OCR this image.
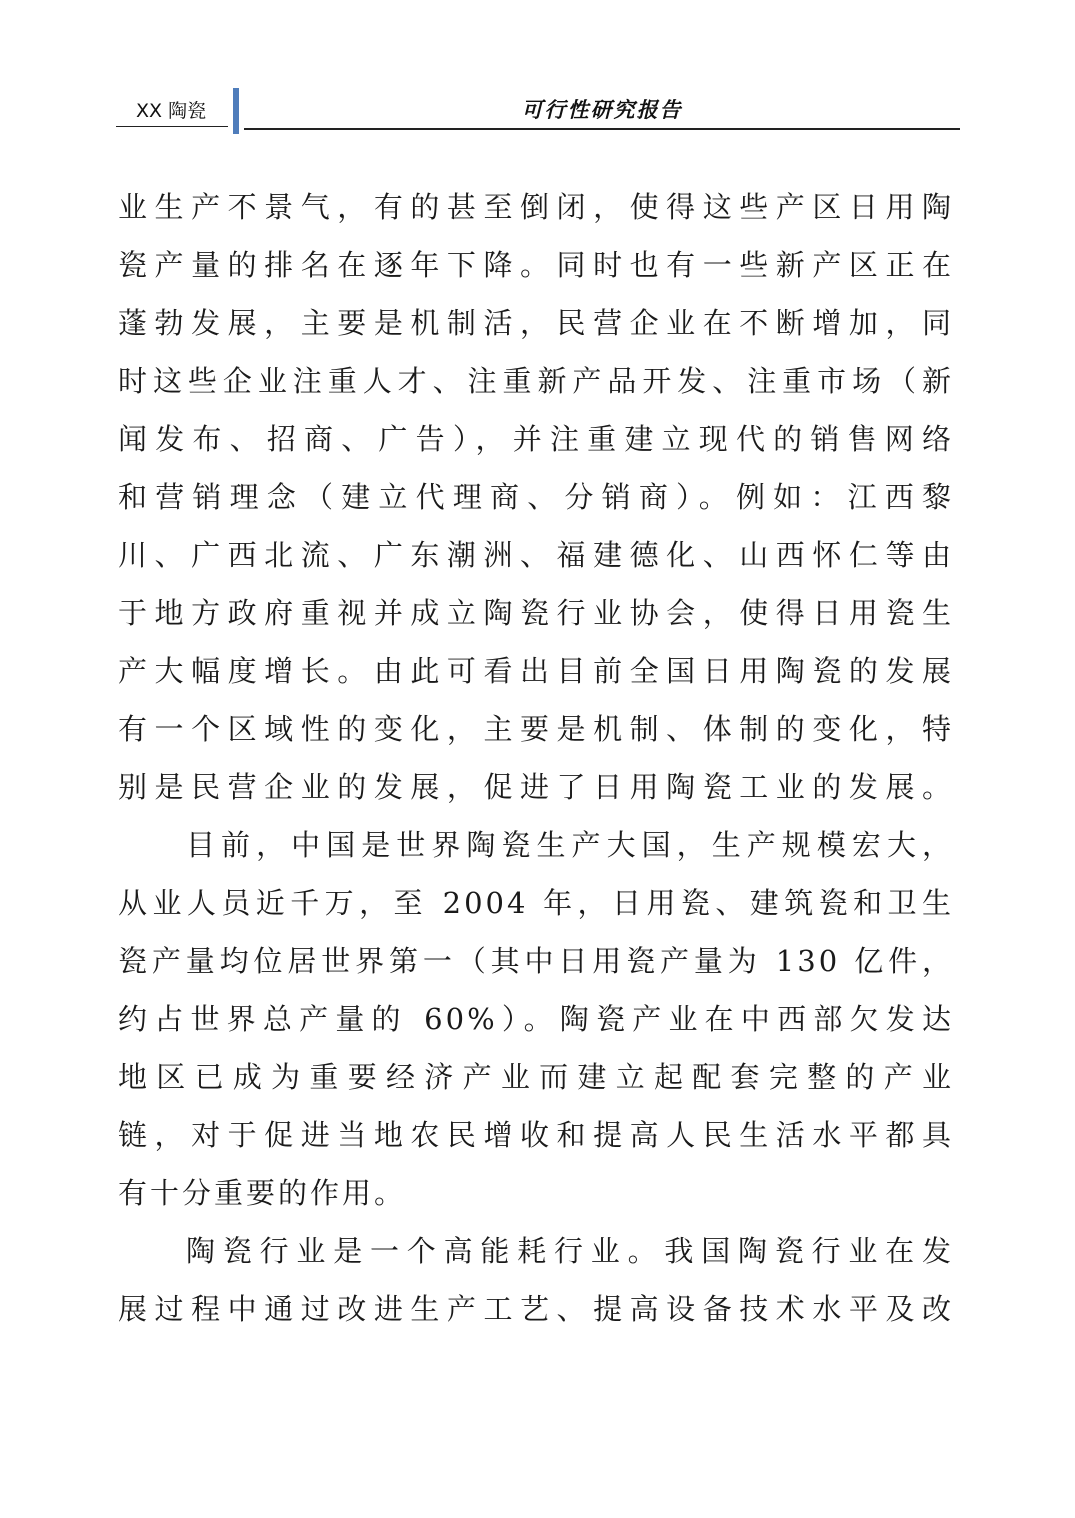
XX 陶瓷	可行性研究报告
业生产不景气，有的甚至倒闭，使得这些产区日用陶
瓷产量的排名在逐年下降。同时也有一些新产区正在
蓬勃发展，主要是机制活，民营企业在不断增加，同
时这些企业注重人才、注重新产品开发、注重市场（新
闻发布、招商、广告），并注重建立现代的销售网络
和营销理念（建立代理商、分销商）。例如：江西黎
川、广西北流、广东潮洲、福建德化、山西怀仁等由
于地方政府重视并成立陶瓷行业协会，使得日用瓷生
产大幅度增长。由此可看出目前全国日用陶瓷的发展
有一个区域性的变化，主要是机制、体制的变化，特
别是民营企业的发展，促进了日用陶瓷工业的发展。
目前，中国是世界陶瓷生产大国，生产规模宏大，
从业人员近千万，至 2004 年，日用瓷、建筑瓷和卫生
瓷产量均位居世界第一（其中日用瓷产量为 130 亿件，
约占世界总产量的 60%）。陶瓷产业在中西部欠发达
地区已成为重要经济产业而建立起配套完整的产业
链，对于促进当地农民增收和提高人民生活水平都具
有十分重要的作用。
陶瓷行业是一个高能耗行业。我国陶瓷行业在发
展过程中通过改进生产工艺、提高设备技术水平及改
